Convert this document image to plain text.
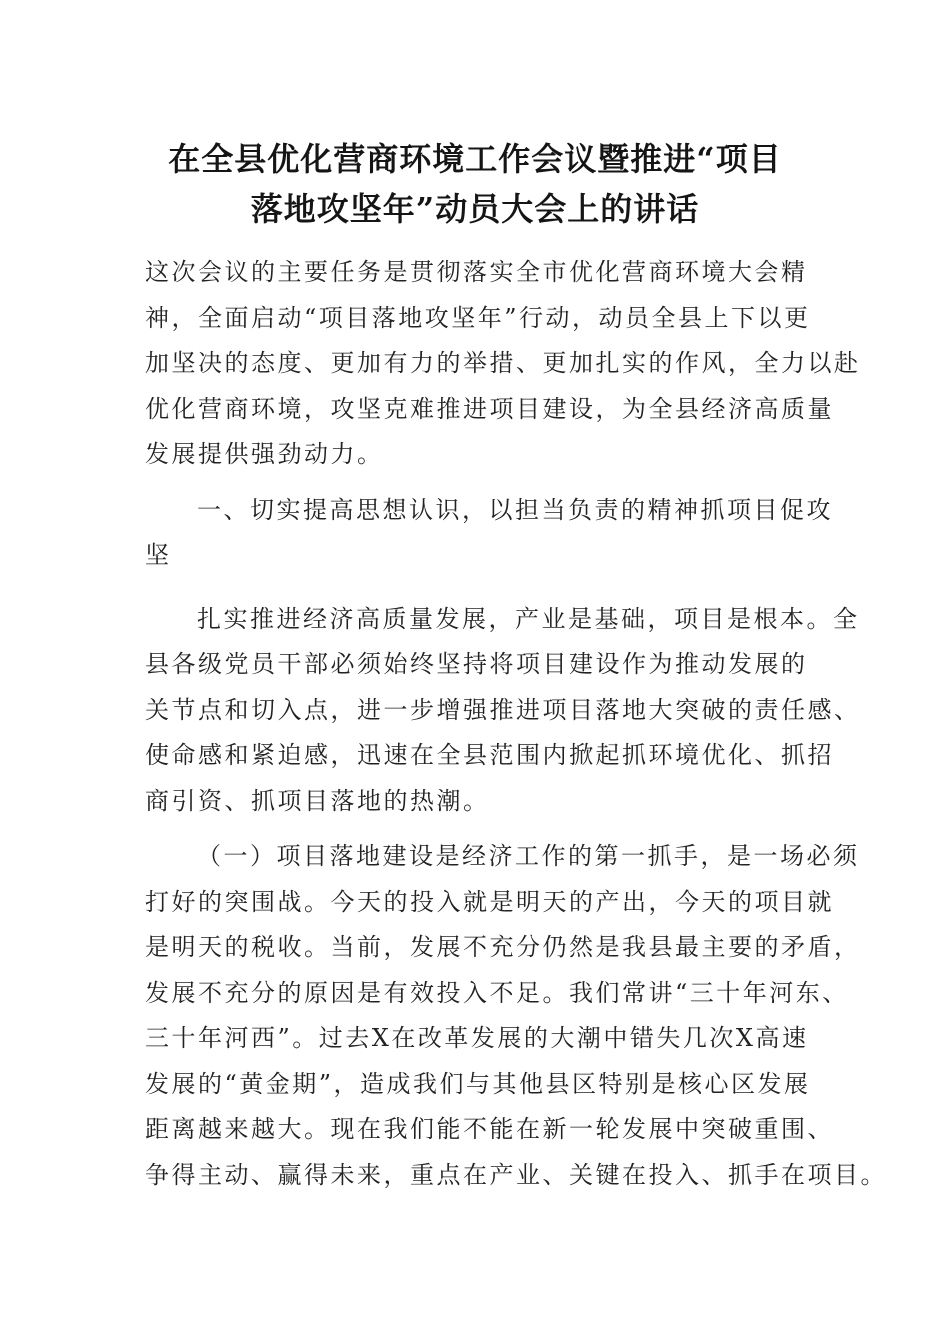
在全县优化营商环境工作会议暨推进“项目
落地攻坚年”动员大会上的讲话
这次会议的主要任务是贯彻落实全市优化营商环境大会精
神，全面启动“项目落地攻坚年”行动，动员全县上下以更
加坚决的态度、更加有力的举措、更加扎实的作风，全力以赴
优化营商环境，攻坚克难推进项目建设，为全县经济高质量
发展提供强劲动力。
一、切实提高思想认识，以担当负责的精神抓项目促攻
坚
扎实推进经济高质量发展，产业是基础，项目是根本。全
县各级党员干部必须始终坚持将项目建设作为推动发展的
关节点和切入点，进一步增强推进项目落地大突破的责任感、
使命感和紧迫感，迅速在全县范围内掀起抓环境优化、抓招
商引资、抓项目落地的热潮。
（一）项目落地建设是经济工作的第一抓手，是一场必须
打好的突围战。今天的投入就是明天的产出，今天的项目就
是明天的税收。当前，发展不充分仍然是我县最主要的矛盾，
发展不充分的原因是有效投入不足。我们常讲“三十年河东、
三十年河西”。过去X在改革发展的大潮中错失几次X高速
发展的“黄金期”，造成我们与其他县区特别是核心区发展
距离越来越大。现在我们能不能在新一轮发展中突破重围、
争得主动、赢得未来，重点在产业、关键在投入、抓手在项目。
